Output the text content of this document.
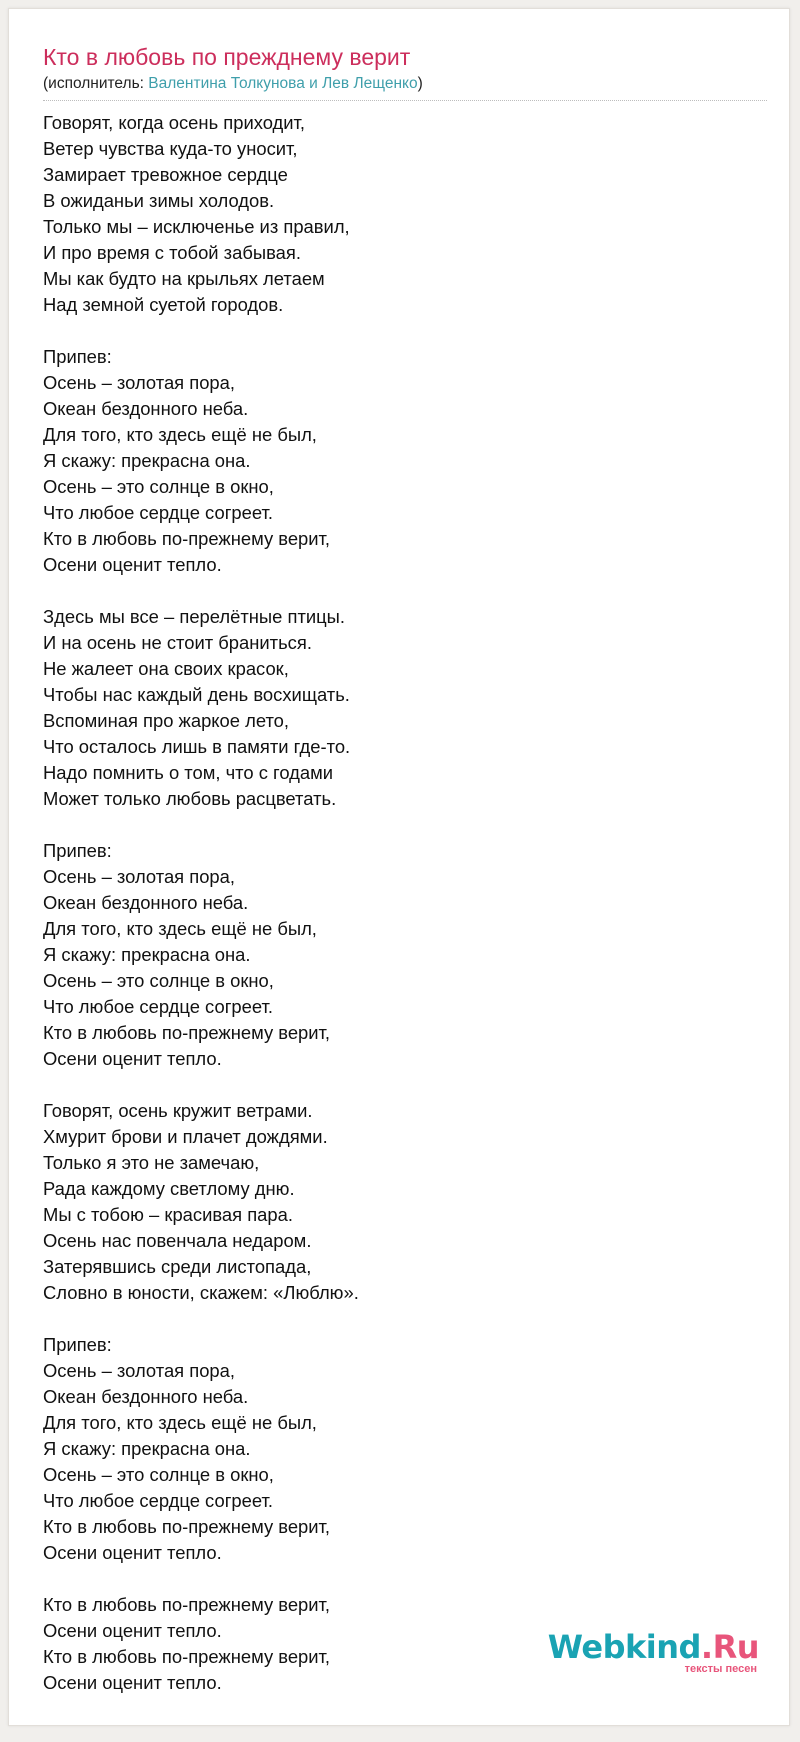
Кто в любовь по прежднему верит
(исполнитель: Валентина Толкунова и Лев Лещенко)
Говорят, когда осень приходит,
Ветер чувства куда-то уносит,
Замирает тревожное сердце
В ожиданьи зимы холодов.
Только мы – исключенье из правил,
И про время с тобой забывая.
Мы как будто на крыльях летаем
Над земной суетой городов.
Припев:
Осень – золотая пора,
Океан бездонного неба.
Для того, кто здесь ещё не был,
Я скажу: прекрасна она.
Осень – это солнце в окно,
Что любое сердце согреет.
Кто в любовь по-прежнему верит,
Осени оценит тепло.
Здесь мы все – перелётные птицы.
И на осень не стоит браниться.
Не жалеет она своих красок,
Чтобы нас каждый день восхищать.
Вспоминая про жаркое лето,
Что осталось лишь в памяти где-то.
Надо помнить о том, что с годами
Может только любовь расцветать.
Припев:
Осень – золотая пора,
Океан бездонного неба.
Для того, кто здесь ещё не был,
Я скажу: прекрасна она.
Осень – это солнце в окно,
Что любое сердце согреет.
Кто в любовь по-прежнему верит,
Осени оценит тепло.
Говорят, осень кружит ветрами.
Хмурит брови и плачет дождями.
Только я это не замечаю,
Рада каждому светлому дню.
Мы с тобою – красивая пара.
Осень нас повенчала недаром.
Затерявшись среди листопада,
Словно в юности, скажем: «Люблю».
Припев:
Осень – золотая пора,
Океан бездонного неба.
Для того, кто здесь ещё не был,
Я скажу: прекрасна она.
Осень – это солнце в окно,
Что любое сердце согреет.
Кто в любовь по-прежнему верит,
Осени оценит тепло.
Кто в любовь по-прежнему верит,
Осени оценит тепло.
Кто в любовь по-прежнему верит,
Осени оценит тепло.
Webkind.Ru
тексты песен
